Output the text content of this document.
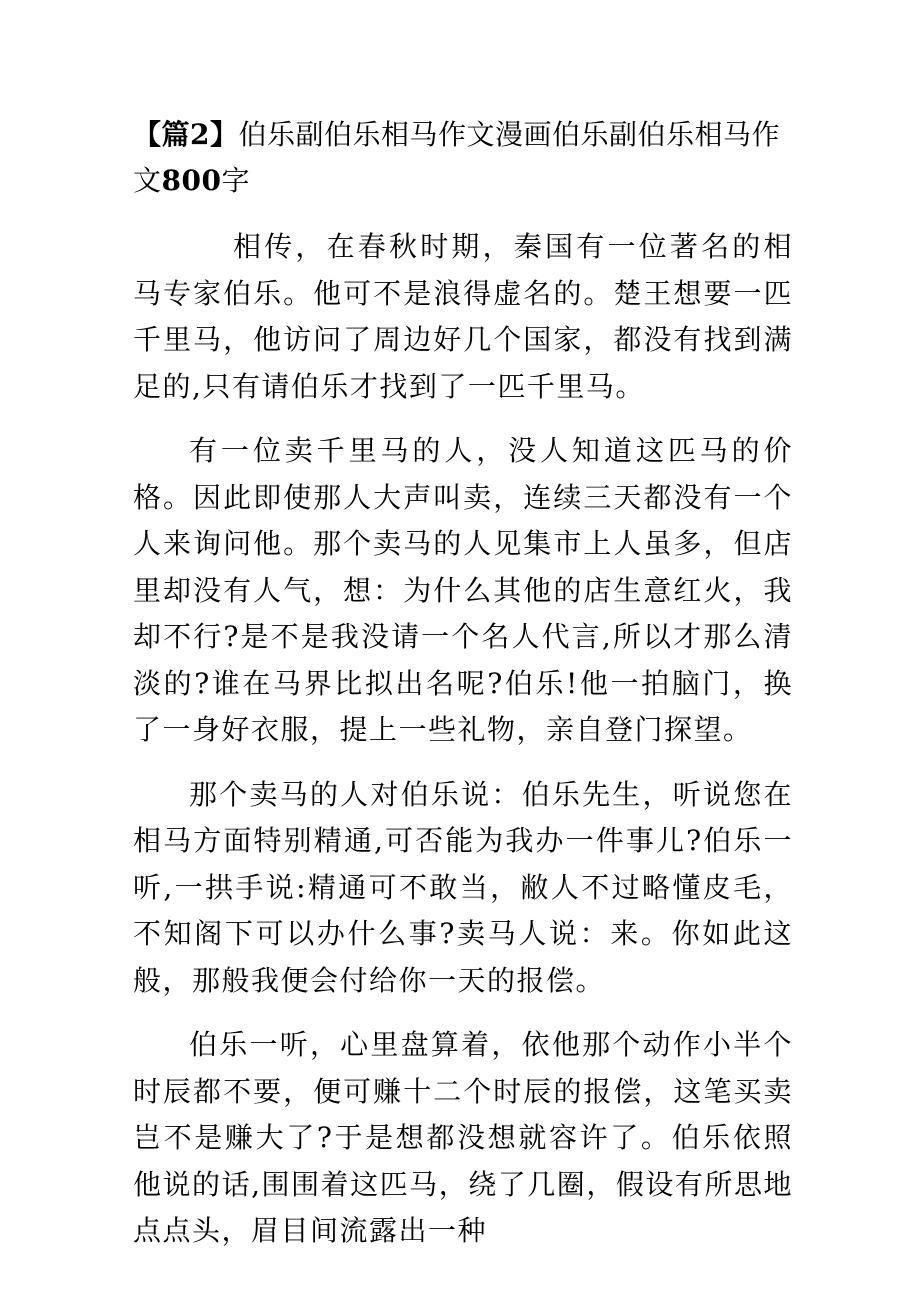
【篇2】伯乐副伯乐相马作文漫画伯乐副伯乐相马作文800字

相传，在春秋时期，秦国有一位著名的相马专家伯乐。他可不是浪得虚名的。楚王想要一匹千里马，他访问了周边好几个国家，都没有找到满足的,只有请伯乐才找到了一匹千里马。

有一位卖千里马的人，没人知道这匹马的价格。因此即使那人大声叫卖，连续三天都没有一个人来询问他。那个卖马的人见集市上人虽多，但店里却没有人气，想：为什么其他的店生意红火，我却不行?是不是我没请一个名人代言,所以才那么清淡的?谁在马界比拟出名呢?伯乐!他一拍脑门，换了一身好衣服，提上一些礼物，亲自登门探望。

那个卖马的人对伯乐说：伯乐先生，听说您在相马方面特别精通,可否能为我办一件事儿?伯乐一听,一拱手说:精通可不敢当，敝人不过略懂皮毛，不知阁下可以办什么事?卖马人说：来。你如此这般，那般我便会付给你一天的报偿。

伯乐一听，心里盘算着，依他那个动作小半个时辰都不要，便可赚十二个时辰的报偿，这笔买卖岂不是赚大了?于是想都没想就容许了。伯乐依照他说的话,围围着这匹马，绕了几圈，假设有所思地点点头，眉目间流露出一种
